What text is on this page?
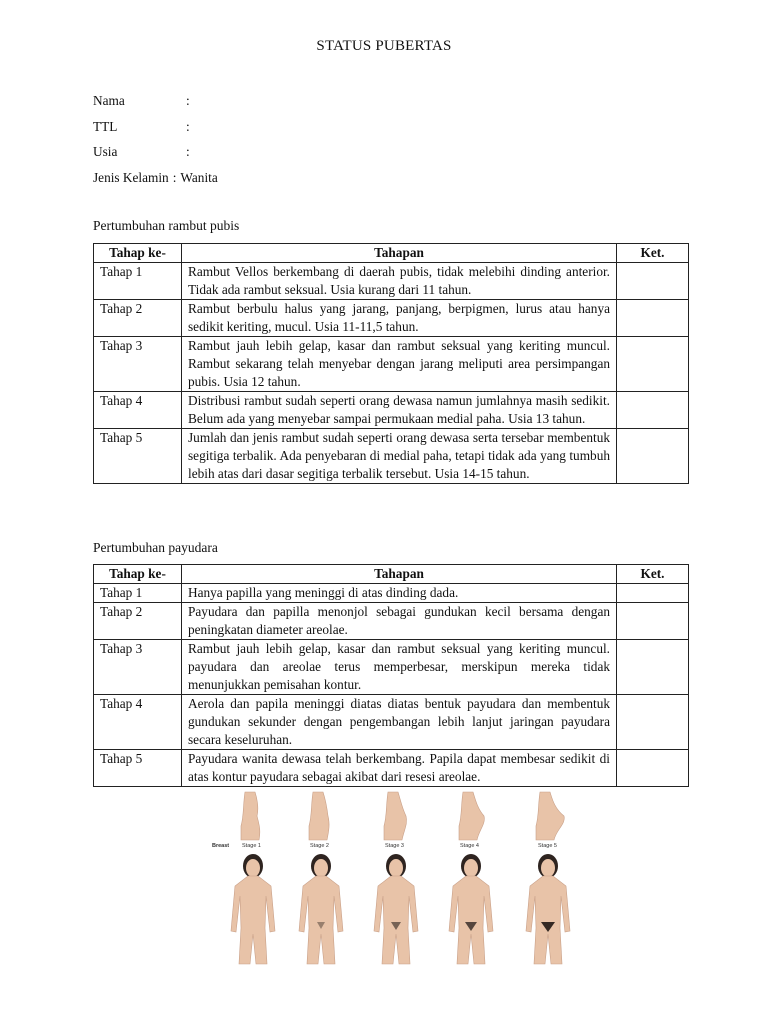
STATUS PUBERTAS
Nama	:
TTL	:
Usia	:
Jenis Kelamin : Wanita
Pertumbuhan rambut pubis
Tahap ke-	Tahapan	Ket.
Tahap 1	Rambut Vellos berkembang di daerah pubis, tidak melebihi dinding anterior. Tidak ada rambut seksual. Usia kurang dari 11 tahun.	
Tahap 2	Rambut berbulu halus yang jarang, panjang, berpigmen, lurus atau hanya sedikit keriting, mucul. Usia 11-11,5 tahun.	
Tahap 3	Rambut jauh lebih gelap, kasar dan rambut seksual yang keriting muncul. Rambut sekarang telah menyebar dengan jarang meliputi area persimpangan pubis. Usia 12 tahun.	
Tahap 4	Distribusi rambut sudah seperti orang dewasa namun jumlahnya masih sedikit. Belum ada yang menyebar sampai permukaan medial paha. Usia 13 tahun.	
Tahap 5	Jumlah dan jenis rambut sudah seperti orang dewasa serta tersebar membentuk segitiga terbalik. Ada penyebaran di medial paha, tetapi tidak ada yang tumbuh lebih atas dari dasar segitiga terbalik tersebut. Usia 14-15 tahun.	
Pertumbuhan payudara
Tahap ke-	Tahapan	Ket.
Tahap 1	Hanya papilla yang meninggi di atas dinding dada.	
Tahap 2	Payudara dan papilla menonjol sebagai gundukan kecil bersama dengan peningkatan diameter areolae.	
Tahap 3	Rambut jauh lebih gelap, kasar dan rambut seksual yang keriting muncul. payudara dan areolae terus memperbesar, merskipun mereka tidak menunjukkan pemisahan kontur.	
Tahap 4	Aerola dan papila meninggi diatas diatas bentuk payudara dan membentuk gundukan sekunder dengan pengembangan lebih lanjut jaringan payudara secara keseluruhan.	
Tahap 5	Payudara wanita dewasa telah berkembang. Papila dapat membesar sedikit di atas kontur payudara sebagai akibat dari resesi areolae.	
Breast Stage 1	Stage 2	Stage 3	Stage 4	Stage 5
